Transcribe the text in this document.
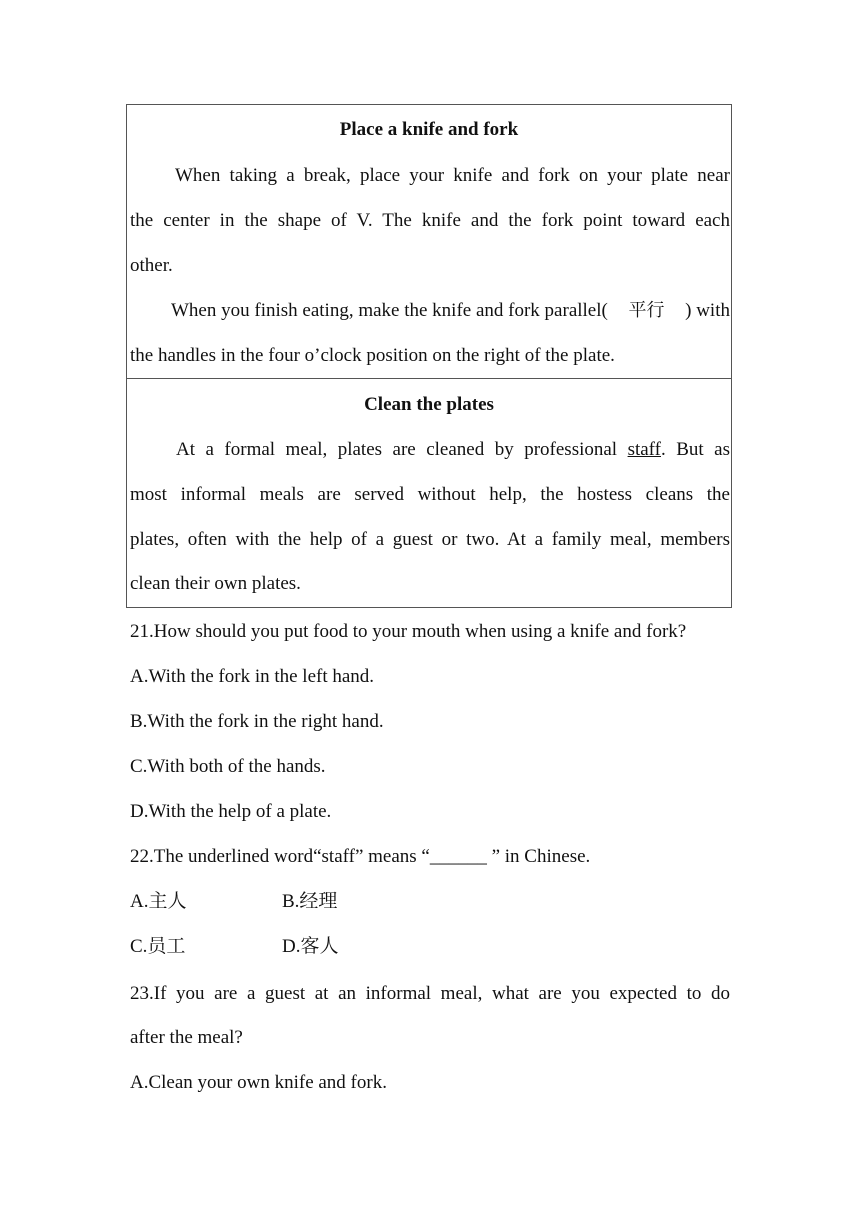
Place a knife and fork
When taking a break, place your knife and fork on your plate near
the center in the shape of V. The knife and the fork point toward each
other.
When you finish eating, make the knife and fork parallel( 平行 ) with
the handles in the four o’clock position on the right of the plate.
Clean the plates
At a formal meal, plates are cleaned by professional staff. But as
most informal meals are served without help, the hostess cleans the
plates, often with the help of a guest or two. At a family meal, members
clean their own plates.
21.How should you put food to your mouth when using a knife and fork?
A.With the fork in the left hand.
B.With the fork in the right hand.
C.With both of the hands.
D.With the help of a plate.
22.The underlined word“staff” means “______ ” in Chinese.
A.主人	B.经理
C.员工	D.客人
23.If you are a guest at an informal meal, what are you expected to do
after the meal?
A.Clean your own knife and fork.
